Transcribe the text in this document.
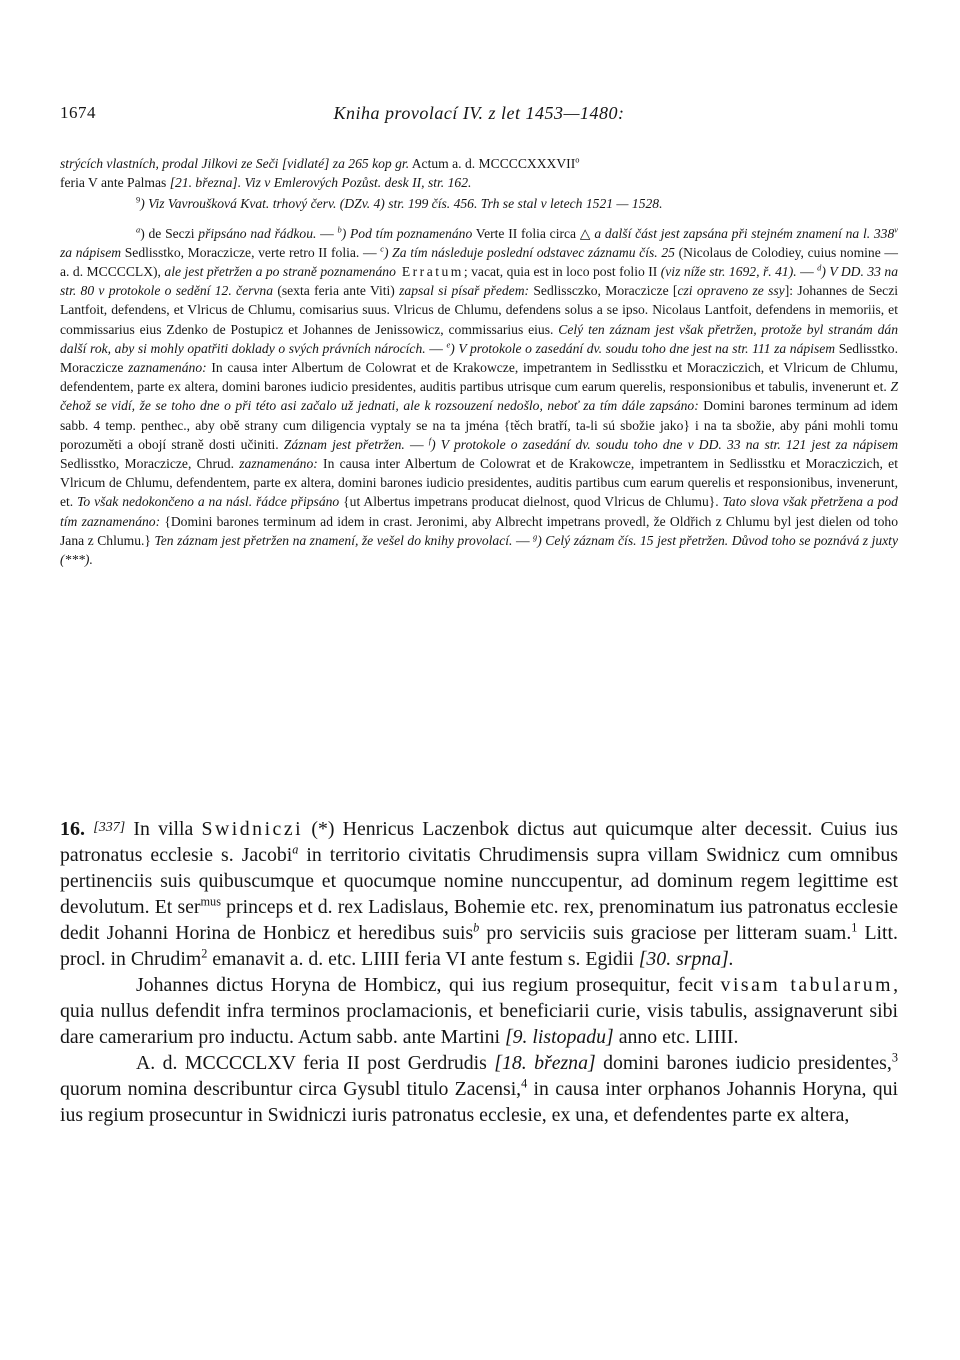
1674	Kniha provolací IV. z let 1453—1480:

strýcích vlastních, prodal Jilkovi ze Seči [vidlaté] za 265 kop gr. Actum a. d. MCCCCXXXVII$^o$
feria V ante Palmas [21. března]. Viz v Emlerových Pozůst. desk II, str. 162.

$^9$) Viz Vavroušková Kvat. trhový červ. (DZv. 4) str. 199 čís. 456. Trh se stal v letech 1521 — 1528.

$^a$) de Seczi připsáno nad řádkou. — $^b$) Pod tím poznamenáno Verte II folia circa △ a další část jest zapsána při stejném znamení na l. 338$^v$ za nápisem Sedlisstko, Moraczicze, verte retro II folia. — $^c$) Za tím následuje poslední odstavec záznamu čís. 25 (Nicolaus de Colodiey, cuius nomine — a. d. MCCCCLX), ale jest přetržen a po straně poznamenáno Erratum; vacat, quia est in loco post folio II (viz níže str. 1692, ř. 41). — $^d$) V DD. 33 na str. 80 v protokole o sedění 12. června (sexta feria ante Viti) zapsal si písař předem: Sedlissczko, Moraczicze [czi opraveno ze ssy]: Johannes de Seczi Lantfoit, defendens, et Vlricus de Chlumu, comisarius suus. Vlricus de Chlumu, defendens solus a se ipso. Nicolaus Lantfoit, defendens in memoriis, et commissarius eius Zdenko de Postupicz et Johannes de Jenissowicz, commissarius eius. Celý ten záznam jest však přetržen, protože byl stranám dán další rok, aby si mohly opatřiti doklady o svých právních nárocích. — $^e$) V protokole o zasedání dv. soudu toho dne jest na str. 111 za nápisem Sedlisstko. Moraczicze zaznamenáno: In causa inter Albertum de Colowrat et de Krakowcze, impetrantem in Sedlisstku et Moracziczich, et Vlricum de Chlumu, defendentem, parte ex altera, domini barones iudicio presidentes, auditis partibus utrisque cum earum querelis, responsionibus et tabulis, invenerunt et. Z čehož se vidí, že se toho dne o při této asi začalo už jednati, ale k rozsouzení nedošlo, neboť za tím dále zapsáno: Domini barones terminum ad idem sabb. 4 temp. penthec., aby obě strany cum diligencia vyptaly se na ta jména {těch bratří, ta-li sú sbožie jako} i na ta sbožie, aby páni mohli tomu porozuměti a obojí straně dosti učiniti. Záznam jest přetržen. — $^f$) V protokole o zasedání dv. soudu toho dne v DD. 33 na str. 121 jest za nápisem Sedlisstko, Moraczicze, Chrud. zaznamenáno: In causa inter Albertum de Colowrat et de Krakowcze, impetrantem in Sedlisstku et Moracziczich, et Vlricum de Chlumu, defendentem, parte ex altera, domini barones iudicio presidentes, auditis partibus cum earum querelis et responsionibus, invenerunt, et. To však nedokončeno a na násl. řádce připsáno {ut Albertus impetrans producat dielnost, quod Vlricus de Chlumu}. Tato slova však přetržena a pod tím zaznamenáno: {Domini barones terminum ad idem in crast. Jeronimi, aby Albrecht impetrans provedl, že Oldřich z Chlumu byl jest dielen od toho Jana z Chlumu.} Ten záznam jest přetržen na znamení, že vešel do knihy provolací. — $^g$) Celý záznam čís. 15 jest přetržen. Důvod toho se poznává z juxty (***).

16. [337] In villa Swidniczi (*) Henricus Laczenbok dictus aut quicumque alter decessit. Cuius ius patronatus ecclesie s. Jacobi$^a$ in territorio civitatis Chrudimensis supra villam Swidnicz cum omnibus pertinenciis suis quibuscumque et quocumque nomine nunccupentur, ad dominum regem legittime est devolutum. Et ser$^{mus}$ princeps et d. rex Ladislaus, Bohemie etc. rex, prenominatum ius patronatus ecclesie dedit Johanni Horina de Honbicz et heredibus suis$^b$ pro serviciis suis graciose per litteram suam.$^1$ Litt. procl. in Chrudim$^2$ emanavit a. d. etc. LIIII feria VI ante festum s. Egidii [30. srpna].

Johannes dictus Horyna de Hombicz, qui ius regium prosequitur, fecit visam tabularum, quia nullus defendit infra terminos proclamacionis, et beneficiarii curie, visis tabulis, assignaverunt sibi dare camerarium pro inductu. Actum sabb. ante Martini [9. listopadu] anno etc. LIIII.

A. d. MCCCCLXV feria II post Gerdrudis [18. března] domini barones iudicio presidentes,$^3$ quorum nomina describuntur circa Gysubl titulo Zacensi,$^4$ in causa inter orphanos Johannis Horyna, qui ius regium prosecuntur in Swidniczi iuris patronatus ecclesie, ex una, et defendentes parte ex altera,
